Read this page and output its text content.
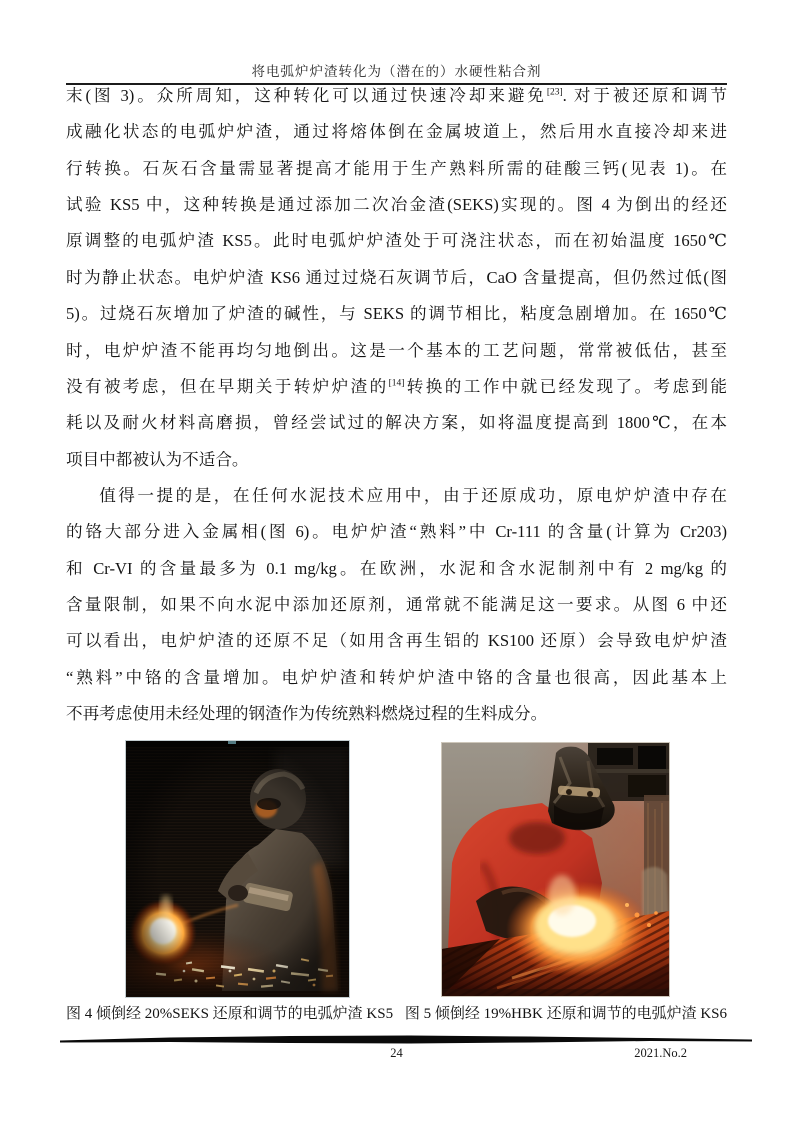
将电弧炉炉渣转化为（潜在的）水硬性粘合剂
末(图 3)。众所周知，这种转化可以通过快速冷却来避免[23]. 对于被还原和调节
成融化状态的电弧炉炉渣，通过将熔体倒在金属坡道上，然后用水直接冷却来进
行转换。石灰石含量需显著提高才能用于生产熟料所需的硅酸三钙(见表 1)。在
试验 KS5 中，这种转换是通过添加二次冶金渣(SEKS)实现的。图 4 为倒出的经还
原调整的电弧炉渣 KS5。此时电弧炉炉渣处于可浇注状态，而在初始温度 1650℃
时为静止状态。电炉炉渣 KS6 通过过烧石灰调节后，CaO 含量提高，但仍然过低(图
5)。过烧石灰增加了炉渣的碱性，与 SEKS 的调节相比，粘度急剧增加。在 1650℃
时，电炉炉渣不能再均匀地倒出。这是一个基本的工艺问题，常常被低估，甚至
没有被考虑，但在早期关于转炉炉渣的[14]转换的工作中就已经发现了。考虑到能
耗以及耐火材料高磨损，曾经尝试过的解决方案，如将温度提高到 1800℃，在本
项目中都被认为不适合。
值得一提的是，在任何水泥技术应用中，由于还原成功，原电炉炉渣中存在
的铬大部分进入金属相(图 6)。电炉炉渣“熟料”中 Cr-111 的含量(计算为 Cr203)
和 Cr-VI 的含量最多为 0.1 mg/kg。在欧洲，水泥和含水泥制剂中有 2 mg/kg 的
含量限制，如果不向水泥中添加还原剂，通常就不能满足这一要求。从图 6 中还
可以看出，电炉炉渣的还原不足（如用含再生铝的 KS100 还原）会导致电炉炉渣
“熟料”中铬的含量增加。电炉炉渣和转炉炉渣中铬的含量也很高，因此基本上
不再考虑使用未经处理的钢渣作为传统熟料燃烧过程的生料成分。
图 4 倾倒经 20%SEKS 还原和调节的电弧炉渣 KS5 图 5 倾倒经 19%HBK 还原和调节的电弧炉渣 KS6
24	2021.No.2
